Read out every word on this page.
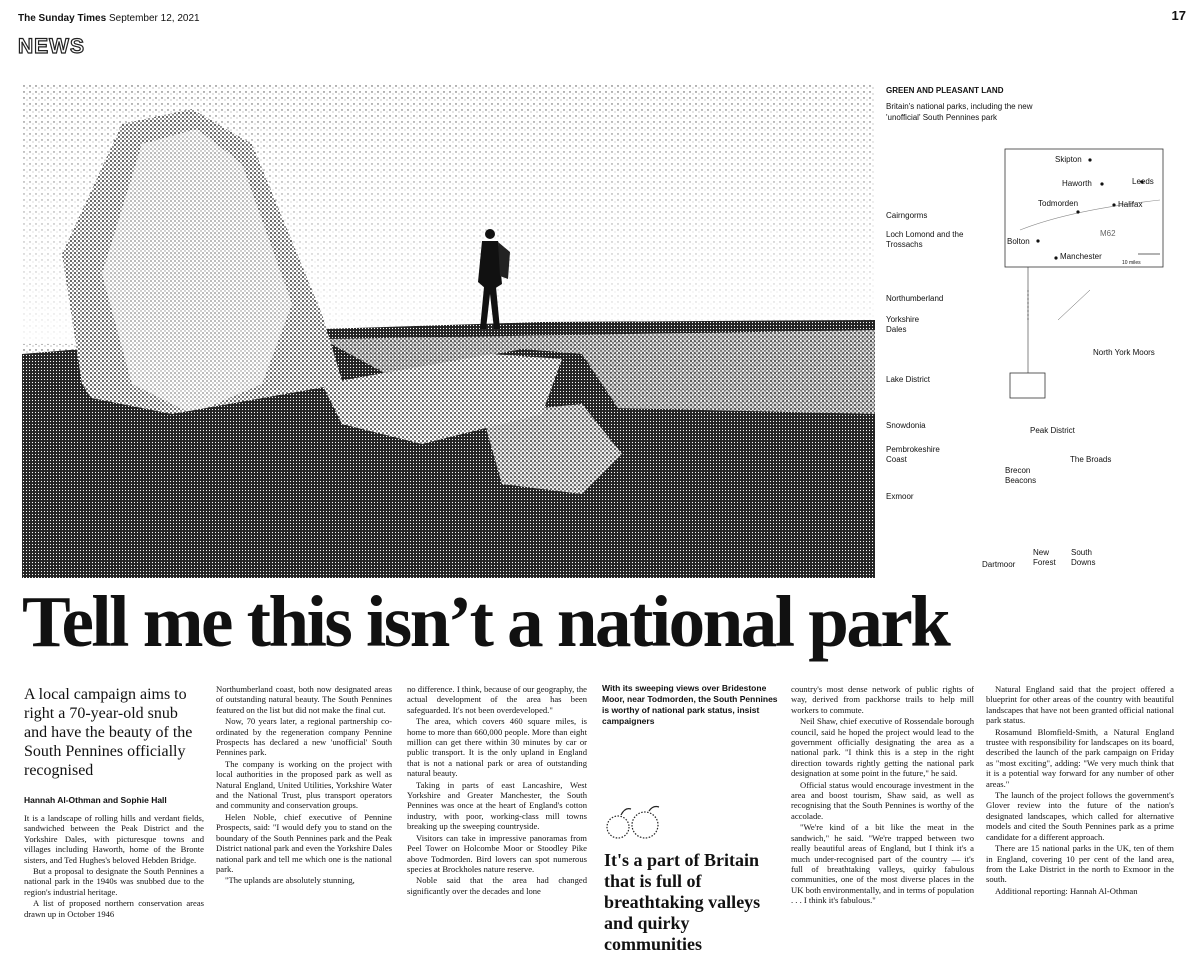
The Sunday Times September 12, 2021	17
NEWS
GREEN AND PLEASANT LAND
Britain's national parks, including the new 'unofficial' South Pennines park
Skipton
Haworth	Leeds
Todmorden	Halifax
Bolton
Manchester
M62
10 miles
Cairngorms
Loch Lomond and the Trossachs
Northumberland
Yorkshire Dales
North York Moors
Lake District
Snowdonia
Peak District
Pembrokeshire Coast	The Broads
Brecon Beacons
Exmoor
Dartmoor
New Forest
South Downs
Tell me this isn’t a national park
A local campaign aims to right a 70-year-old snub and have the beauty of the South Pennines officially recognised
Hannah Al-Othman and Sophie Hall

It is a landscape of rolling hills and verdant fields, sandwiched between the Peak District and the Yorkshire Dales, with picturesque towns and villages including Haworth, home of the Bronte sisters, and Ted Hughes's beloved Hebden Bridge.

But a proposal to designate the South Pennines a national park in the 1940s was snubbed due to the region's industrial heritage.

A list of proposed northern conservation areas drawn up in October 1946

Northumberland coast, both now designated areas of outstanding natural beauty. The South Pennines featured on the list but did not make the final cut.

Now, 70 years later, a regional partnership co-ordinated by the regeneration company Pennine Prospects has declared a new 'unofficial' South Pennines park.

The company is working on the project with local authorities in the proposed park as well as Natural England, United Utilities, Yorkshire Water and the National Trust, plus transport operators and community and conservation groups.

Helen Noble, chief executive of Pennine Prospects, said: "I would defy you to stand on the boundary of the South Pennines park and the Peak District national park and even the Yorkshire Dales national park and tell me which one is the national park.

"The uplands are absolutely stunning,

no difference. I think, because of our geography, the actual development of the area has been safeguarded. It's not been overdeveloped."

The area, which covers 460 square miles, is home to more than 660,000 people. More than eight million can get there within 30 minutes by car or public transport. It is the only upland in England that is not a national park or area of outstanding natural beauty.

Taking in parts of east Lancashire, West Yorkshire and Greater Manchester, the South Pennines was once at the heart of England's cotton industry, with poor, working-class mill towns breaking up the sweeping countryside.

Visitors can take in impressive panoramas from Peel Tower on Holcombe Moor or Stoodley Pike above Todmorden. Bird lovers can spot numerous species at Brockholes nature reserve.

Noble said that the area had changed significantly over the decades and lone

With its sweeping views over Bridestone Moor, near Todmorden, the South Pennines is worthy of national park status, insist campaigners
It's a part of Britain that is full of breathtaking valleys and quirky communities

country's most dense network of public rights of way, derived from packhorse trails to help mill workers to commute.

Neil Shaw, chief executive of Rossendale borough council, said he hoped the project would lead to the government officially designating the area as a national park. "I think this is a step in the right direction towards rightly getting the national park designation at some point in the future," he said.

Official status would encourage investment in the area and boost tourism, Shaw said, as well as recognising that the South Pennines is worthy of the accolade.

"We're kind of a bit like the meat in the sandwich," he said. "We're trapped between two really beautiful areas of England, but I think it's a much under-recognised part of the country — it's full of breathtaking valleys, quirky fabulous communities, one of the most diverse places in the UK both environmentally, and in terms of population . . . I think it's fabulous."

Natural England said that the project offered a blueprint for other areas of the country with beautiful landscapes that have not been granted official national park status.

Rosamund Blomfield-Smith, a Natural England trustee with responsibility for landscapes on its board, described the launch of the park campaign on Friday as "most exciting", adding: "We very much think that it is a potential way forward for any number of other areas."

The launch of the project follows the government's Glover review into the future of the nation's designated landscapes, which called for alternative models and cited the South Pennines park as a prime candidate for a different approach.

There are 15 national parks in the UK, ten of them in England, covering 10 per cent of the land area, from the Lake District in the north to Exmoor in the south.

Additional reporting: Hannah Al-Othman
